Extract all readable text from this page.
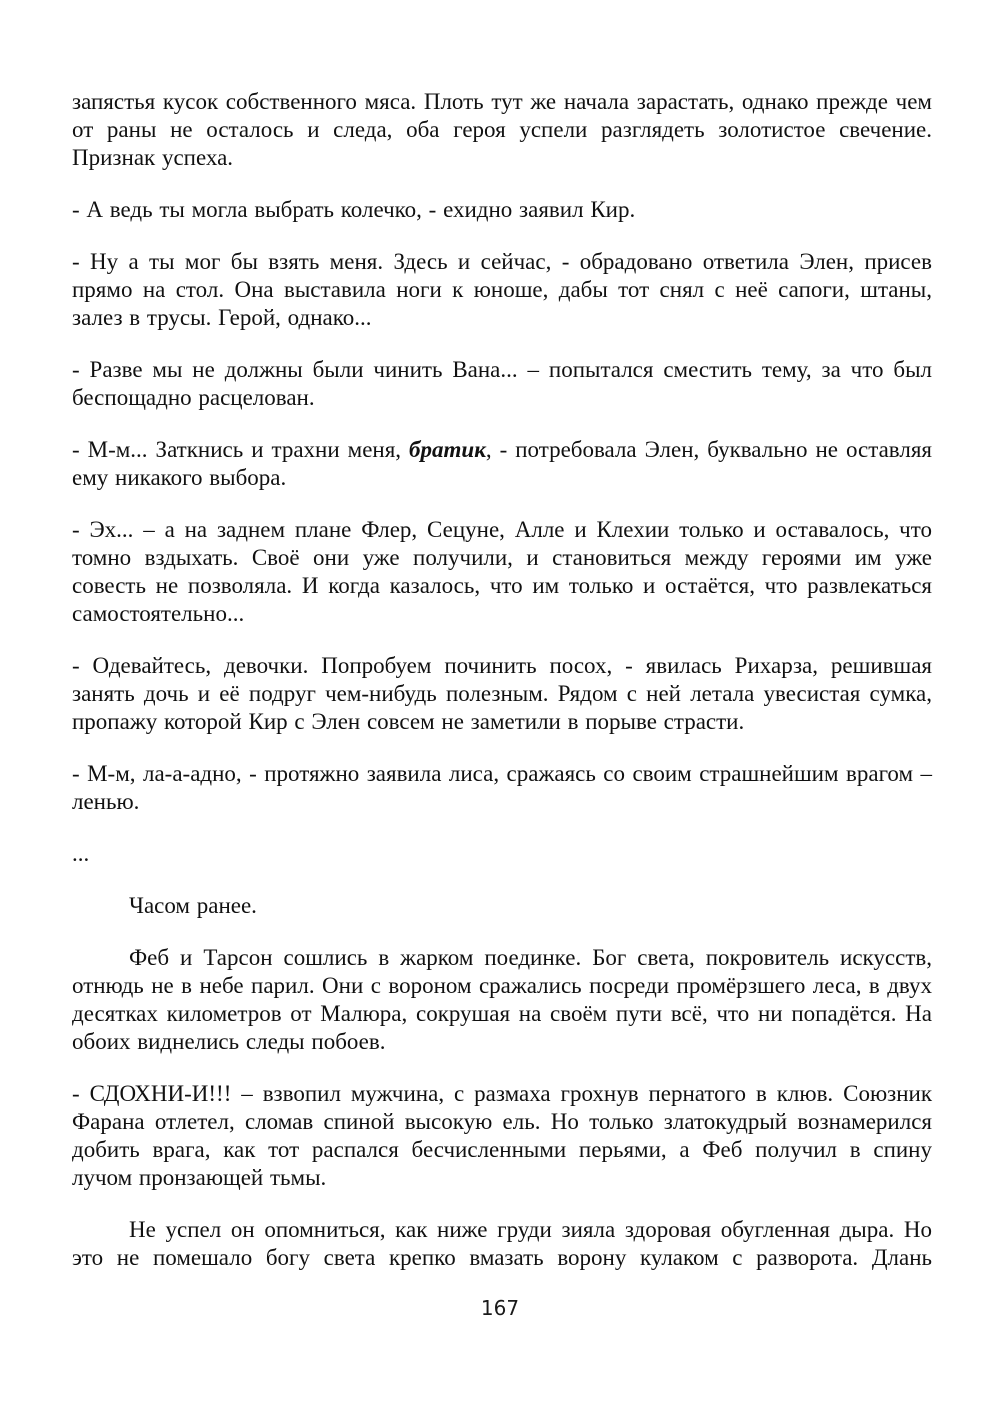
запястья кусок собственного мяса. Плоть тут же начала зарастать, однако прежде чем от раны не осталось и следа, оба героя успели разглядеть золотистое свечение. Признак успеха.

- А ведь ты могла выбрать колечко, - ехидно заявил Кир.

- Ну а ты мог бы взять меня. Здесь и сейчас, - обрадовано ответила Элен, присев прямо на стол. Она выставила ноги к юноше, дабы тот снял с неё сапоги, штаны, залез в трусы. Герой, однако...

- Разве мы не должны были чинить Вана... – попытался сместить тему, за что был беспощадно расцелован.

- М-м... Заткнись и трахни меня, братик, - потребовала Элен, буквально не оставляя ему никакого выбора.

- Эх... – а на заднем плане Флер, Сецуне, Алле и Клехии только и оставалось, что томно вздыхать. Своё они уже получили, и становиться между героями им уже совесть не позволяла. И когда казалось, что им только и остаётся, что развлекаться самостоятельно...

- Одевайтесь, девочки. Попробуем починить посох, - явилась Рихарза, решившая занять дочь и её подруг чем-нибудь полезным. Рядом с ней летала увесистая сумка, пропажу которой Кир с Элен совсем не заметили в порыве страсти.

- М-м, ла-а-адно, - протяжно заявила лиса, сражаясь со своим страшнейшим врагом – ленью.

...

Часом ранее.

Феб и Тарсон сошлись в жарком поединке. Бог света, покровитель искусств, отнюдь не в небе парил. Они с вороном сражались посреди промёрзшего леса, в двух десятках километров от Малюра, сокрушая на своём пути всё, что ни попадётся. На обоих виднелись следы побоев.

- СДОХНИ-И!!! – взвопил мужчина, с размаха грохнув пернатого в клюв. Союзник Фарана отлетел, сломав спиной высокую ель. Но только златокудрый вознамерился добить врага, как тот распался бесчисленными перьями, а Феб получил в спину лучом пронзающей тьмы.

Не успел он опомниться, как ниже груди зияла здоровая обугленная дыра. Но это не помешало богу света крепко вмазать ворону кулаком с разворота. Длань

167
